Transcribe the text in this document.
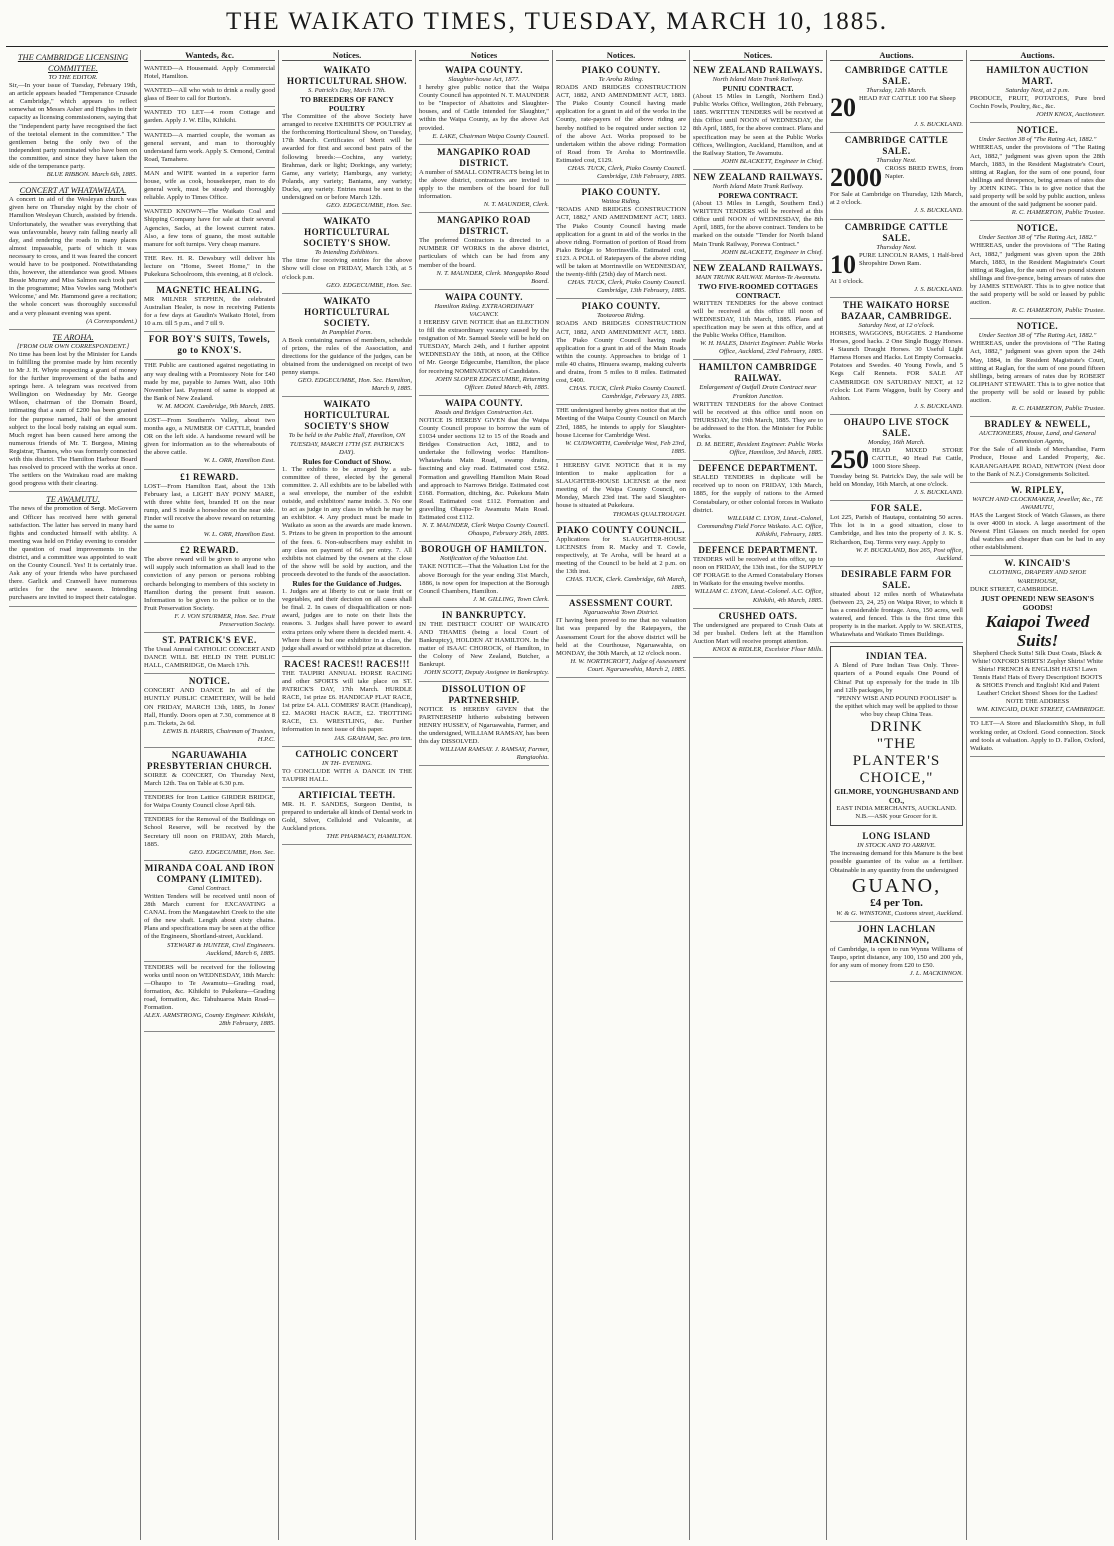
THE WAIKATO TIMES, TUESDAY, MARCH 10, 1885.
THE CAMBRIDGE LICENSING COMMITTEE.
TO THE EDITOR.
Sir,—In your issue of Tuesday, February 19th, an article appears headed "Temperance Crusade at Cambridge," which appears to reflect somewhat on Messrs Asher and Hughes in their capacity as licensing commissioners, saying that the "independent party have recognised the fact of the teetotal element in the committee." The gentlemen being the only two of the independent party nominated who have been on the committee, and since they have taken the side of the temperance party.
BLUE RIBBON. March 6th, 1885.
CONCERT AT WHATAWHATA.
A concert in aid of the Wesleyan church was given here on Thursday night by the choir of Hamilton Wesleyan Church, assisted by friends. Unfortunately, the weather was everything that was unfavourable, heavy rain falling nearly all day, and rendering the roads in many places almost impassable, parts of which it was necessary to cross, and it was feared the concert would have to be postponed. Notwithstanding this, however, the attendance was good. Misses Bessie Murray and Miss Salmon each took part in the programme; Miss Vowles sang 'Mother's Welcome,' and Mr. Hammond gave a recitation; the whole concert was thoroughly successful and a very pleasant evening was spent.
(A Correspondent.)
TE AROHA.
[FROM OUR OWN CORRESPONDENT.]
No time has been lost by the Minister for Lands in fulfilling the promise made by him recently to Mr J. H. Whyte respecting a grant of money for the further improvement of the baths and springs here. A telegram was received from Wellington on Wednesday by Mr. George Wilson, chairman of the Domain Board, intimating that a sum of £200 has been granted for the purpose named, half of the amount subject to the local body raising an equal sum. Much regret has been caused here among the numerous friends of Mr. T. Burgess, Mining Registrar, Thames, who was formerly connected with this district. The Hamilton Harbour Board has resolved to proceed with the works at once. The settlers on the Wairakau road are making good progress with their clearing.
TE AWAMUTU.
The news of the promotion of Sergt. McGovern and Officer has received here with general satisfaction. The latter has served in many hard fights and conducted himself with ability. A meeting was held on Friday evening to consider the question of road improvements in the district, and a committee was appointed to wait on the County Council. Yes! It is certainly true. Ask any of your friends who have purchased there. Garlick and Cranwell have numerous articles for the new season. Intending purchasers are invited to inspect their catalogue.
Wanteds, &c.
WANTED—A Housemaid. Apply Commercial Hotel, Hamilton.
WANTED—All who wish to drink a really good glass of Beer to call for Burton's.
WANTED TO LET—4 room Cottage and garden. Apply J. W. Ellis, Kihikihi.
WANTED—A married couple, the woman as general servant, and man to thoroughly understand farm work. Apply S. Ormond, Central Road, Tamahere.
MAN and WIFE wanted in a superior farm house, wife as cook, housekeeper, man to do general work, must be steady and thoroughly reliable. Apply to Times Office.
WANTED KNOWN—The Waikato Coal and Shipping Company have for sale at their several Agencies, Sacks, at the lowest current rates. Also, a few tons of guano, the most suitable manure for soft turnips. Very cheap manure.
THE Rev. H. R. Dewsbury will deliver his lecture on "Home, Sweet Home," in the Pukekura Schoolroom, this evening, at 8 o'clock.
MAGNETIC HEALING.
MR MILNER STEPHEN, the celebrated Australian Healer, is now in receiving Patients for a few days at Gaudin's Waikato Hotel, from 10 a.m. till 5 p.m., and 7 till 9.
FOR BOY'S SUITS, Towels, go to KNOX'S.
THE Public are cautioned against negotiating in any way dealing with a Promissory Note for £40 made by me, payable to James Watt, also 10th November last. Payment of same is stopped at the Bank of New Zealand.
W. M. MOON. Cambridge, 9th March, 1885.
LOST—From Southern's Valley, about two months ago, a NUMBER OF CATTLE, branded OR on the left side. A handsome reward will be given for information as to the whereabouts of the above cattle.
W. L. ORR, Hamilton East.
£1 REWARD.
LOST—From Hamilton East, about the 13th February last, a LIGHT BAY PONY MARE, with three white feet, branded H on the near rump, and S inside a horseshoe on the near side. Finder will receive the above reward on returning the same to
W. L. ORR, Hamilton East.
£2 REWARD.
The above reward will be given to anyone who will supply such information as shall lead to the conviction of any person or persons robbing orchards belonging to members of this society in Hamilton during the present fruit season. Information to be given to the police or to the Fruit Preservation Society.
F. J. VON STURMER, Hon. Sec. Fruit Preservation Society.
ST. PATRICK'S EVE.
The Usual Annual CATHOLIC CONCERT AND DANCE WILL BE HELD IN THE PUBLIC HALL, CAMBRIDGE, On March 17th.
NOTICE.
CONCERT AND DANCE In aid of the HUNTLY PUBLIC CEMETERY, Will be held ON FRIDAY, MARCH 13th, 1885, In Jones' Hall, Huntly. Doors open at 7.30, commence at 8 p.m. Tickets, 2s 6d.
LEWIS B. HARRIS, Chairman of Trustees, H.P.C.
NGARUAWAHIA PRESBYTERIAN CHURCH.
SOIREE & CONCERT, On Thursday Next, March 12th. Tea on Table at 6.30 p.m.
TENDERS for Iron Lattice GIRDER BRIDGE, for Waipa County Council close April 6th.
TENDERS for the Removal of the Buildings on School Reserve, will be received by the Secretary till noon on FRIDAY, 20th March, 1885.
GEO. EDGECUMBE, Hon. Sec.
MIRANDA COAL AND IRON COMPANY (LIMITED).
Canal Contract.
Written Tenders will be received until noon of 28th March current for EXCAVATING a CANAL from the Mangatawhiri Creek to the site of the new shaft. Length about sixty chains. Plans and specifications may be seen at the office of the Engineers, Shortland-street, Auckland.
STEWART & HUNTER, Civil Engineers. Auckland, March 6, 1885.
TENDERS will be received for the following works until noon on WEDNESDAY, 18th March:—Ohaupo to Te Awamutu—Grading road, formation, &c. Kihikihi to Pukekura—Grading road, formation, &c. Tahuhuaroa Main Road—Formation.
ALEX. ARMSTRONG, County Engineer. Kihikihi, 28th February, 1885.
Notices.
WAIKATO HORTICULTURAL SHOW.
S. Patrick's Day, March 17th.
TO BREEDERS OF FANCY POULTRY
The Committee of the above Society have arranged to receive EXHIBITS OF POULTRY at the forthcoming Horticultural Show, on Tuesday, 17th March. Certificates of Merit will be awarded for first and second best pairs of the following breeds:—Cochins, any variety; Brahmas, dark or light; Dorkings, any variety; Game, any variety; Hamburgs, any variety; Polands, any variety; Bantams, any variety; Ducks, any variety. Entries must be sent to the undersigned on or before March 12th.
GEO. EDGECUMBE, Hon. Sec.
WAIKATO HORTICULTURAL SOCIETY'S SHOW.
To Intending Exhibitors.
The time for receiving entries for the above Show will close on FRIDAY, March 13th, at 5 o'clock p.m.
GEO. EDGECUMBE, Hon. Sec.
WAIKATO HORTICULTURAL SOCIETY.
In Pamphlet Form.
A Book containing names of members, schedule of prizes, the rules of the Association, and directions for the guidance of the judges, can be obtained from the undersigned on receipt of two penny stamps.
GEO. EDGECUMBE, Hon. Sec. Hamilton, March 9, 1885.
WAIKATO HORTICULTURAL SOCIETY'S SHOW
To be held in the Public Hall, Hamilton, ON TUESDAY, MARCH 17TH (ST. PATRICK'S DAY).
Rules for Conduct of Show.
1. The exhibits to be arranged by a sub-committee of three, elected by the general committee. 2. All exhibits are to be labelled with a seal envelope, the number of the exhibit outside, and exhibitors' name inside. 3. No one to act as judge in any class in which he may be an exhibitor. 4. Any product must be made in Waikato as soon as the awards are made known. 5. Prizes to be given in proportion to the amount of the fees. 6. Non-subscribers may exhibit in any class on payment of 6d. per entry. 7. All exhibits not claimed by the owners at the close of the show will be sold by auction, and the proceeds devoted to the funds of the association.
Rules for the Guidance of Judges.
1. Judges are at liberty to cut or taste fruit or vegetables, and their decision on all cases shall be final. 2. In cases of disqualification or non-award, judges are to note on their lists the reasons. 3. Judges shall have power to award extra prizes only where there is decided merit. 4. Where there is but one exhibitor in a class, the judge shall award or withhold prize at discretion.
RACES! RACES!! RACES!!!
THE TAUPIRI ANNUAL HORSE RACING and other SPORTS will take place on ST. PATRICK'S DAY, 17th March. HURDLE RACE, 1st prize £6. HANDICAP FLAT RACE, 1st prize £4. ALL COMERS' RACE (Handicap), £2. MAORI HACK RACE, £2. TROTTING RACE, £3. WRESTLING, &c. Further information in next issue of this paper.
JAS. GRAHAM, Sec. pro tem.
CATHOLIC CONCERT
IN TH- EVENING.
TO CONCLUDE WITH A DANCE IN THE TAUPIRI HALL.
ARTIFICIAL TEETH.
MR. H. F. SANDES, Surgeon Dentist, is prepared to undertake all kinds of Dental work in Gold, Silver, Celluloid and Vulcanite, at Auckland prices.
THE PHARMACY, HAMILTON.
Notices
WAIPA COUNTY.
Slaughter-house Act, 1877.
I hereby give public notice that the Waipa County Council has appointed N. T. MAUNDER to be "Inspector of Abattoirs and Slaughter-houses, and of Cattle intended for Slaughter," within the Waipa County, as by the above Act provided.
E. LAKE, Chairman Waipa County Council.
MANGAPIKO ROAD DISTRICT.
A number of SMALL CONTRACTS being let in the above district, contractors are invited to apply to the members of the board for full information.
N. T. MAUNDER, Clerk.
MANGAPIKO ROAD DISTRICT.
The preferred Contractors is directed to a NUMBER OF WORKS in the above district, particulars of which can be had from any member of the board.
N. T. MAUNDER, Clerk. Mangapiko Road Board.
WAIPA COUNTY.
Hamilton Riding. EXTRAORDINARY VACANCY.
I HEREBY GIVE NOTICE that an ELECTION to fill the extraordinary vacancy caused by the resignation of Mr. Samuel Steele will be held on TUESDAY, March 24th, and I further appoint WEDNESDAY the 18th, at noon, at the Office of Mr. George Edgecumbe, Hamilton, the place for receiving NOMINATIONS of Candidates.
JOHN SLOPER EDGECUMBE, Returning Officer. Dated March 4th, 1885.
WAIPA COUNTY.
Roads and Bridges Construction Act.
NOTICE IS HEREBY GIVEN that the Waipa County Council propose to borrow the sum of £1034 under sections 12 to 15 of the Roads and Bridges Construction Act, 1882, and to undertake the following works: Hamilton-Whatawhata Main Road, swamp drains, fascining and clay road. Estimated cost £562. Formation and gravelling Hamilton Main Road and approach to Narrows Bridge. Estimated cost £168. Formation, ditching, &c. Pukekura Main Road. Estimated cost £112. Formation and gravelling Ohaupo-Te Awamutu Main Road. Estimated cost £112.
N. T. MAUNDER, Clerk Waipa County Council. Ohaupo, February 26th, 1885.
BOROUGH OF HAMILTON.
Notification of the Valuation List.
TAKE NOTICE—That the Valuation List for the above Borough for the year ending 31st March, 1886, is now open for inspection at the Borough Council Chambers, Hamilton.
J. M. GILLING, Town Clerk.
IN BANKRUPTCY.
IN THE DISTRICT COURT OF WAIKATO AND THAMES (being a local Court of Bankruptcy), HOLDEN AT HAMILTON. In the matter of ISAAC CHOROCK, of Hamilton, in the Colony of New Zealand, Butcher, a Bankrupt.
JOHN SCOTT, Deputy Assignee in Bankruptcy.
DISSOLUTION OF PARTNERSHIP.
NOTICE IS HEREBY GIVEN that the PARTNERSHIP hitherto subsisting between HENRY HUSSEY, of Ngaruawahia, Farmer, and the undersigned, WILLIAM RAMSAY, has been this day DISSOLVED.
WILLIAM RAMSAY. J. RAMSAY, Farmer, Rangiaohia.
Notices.
PIAKO COUNTY.
Te Aroha Riding.
ROADS AND BRIDGES CONSTRUCTION ACT, 1882, AND AMENDMENT ACT, 1883. The Piako County Council having made application for a grant in aid of the works in the County, rate-payers of the above riding are hereby notified to be required under section 12 of the above Act. Works proposed to be undertaken within the above riding: Formation of Road from Te Aroha to Morrinsville. Estimated cost, £129.
CHAS. TUCK, Clerk, Piako County Council. Cambridge, 13th February, 1885.
PIAKO COUNTY.
Waitoa Riding.
"ROADS AND BRIDGES CONSTRUCTION ACT, 1882," AND AMENDMENT ACT, 1883. The Piako County Council having made application for a grant in aid of the works in the above riding. Formation of portion of Road from Piako Bridge to Morrinsville. Estimated cost, £123. A POLL of Ratepayers of the above riding will be taken at Morrinsville on WEDNESDAY, the twenty-fifth (25th) day of March next.
CHAS. TUCK, Clerk, Piako County Council. Cambridge, 13th February, 1885.
PIAKO COUNTY.
Taotaoroa Riding.
ROADS AND BRIDGES CONSTRUCTION ACT, 1882, AND AMENDMENT ACT, 1883. The Piako County Council having made application for a grant in aid of the Main Roads within the county. Approaches to bridge of 1 mile 40 chains, Hinuera swamp, making culverts and drains, from 5 miles to 8 miles. Estimated cost, £400.
CHAS. TUCK, Clerk Piako County Council. Cambridge, February 13, 1885.
THE undersigned hereby gives notice that at the Meeting of the Waipa County Council on March 23rd, 1885, he intends to apply for Slaughter-house License for Cambridge West.
W. CUDWORTH, Cambridge West, Feb 23rd, 1885.
I HEREBY GIVE NOTICE that it is my intention to make application for a SLAUGHTER-HOUSE LICENSE at the next meeting of the Waipa County Council, on Monday, March 23rd inst. The said Slaughter-house is situated at Pukekura.
THOMAS QUALTROUGH.
PIAKO COUNTY COUNCIL.
Applications for SLAUGHTER-HOUSE LICENSES from R. Macky and T. Cowle, respectively, at Te Aroha, will be heard at a meeting of the Council to be held at 2 p.m. on the 13th inst.
CHAS. TUCK, Clerk. Cambridge, 6th March, 1885.
ASSESSMENT COURT.
Ngaruawahia Town District.
IT having been proved to me that no valuation list was prepared by the Ratepayers, the Assessment Court for the above district will be held at the Courthouse, Ngaruawahia, on MONDAY, the 30th March, at 12 o'clock noon.
H. W. NORTHCROFT, Judge of Assessment Court. Ngaruawahia, March 2, 1885.
Notices.
NEW ZEALAND RAILWAYS.
North Island Main Trunk Railway.
PUNIU CONTRACT.
(About 15 Miles in Length, Northern End.) Public Works Office, Wellington, 26th February, 1885. WRITTEN TENDERS will be received at this Office until NOON of WEDNESDAY, the 8th April, 1885, for the above contract. Plans and specification may be seen at the Public Works Offices, Wellington, Auckland, Hamilton, and at the Railway Station, Te Awamutu.
JOHN BLACKETT, Engineer in Chief.
NEW ZEALAND RAILWAYS.
North Island Main Trunk Railway.
POREWA CONTRACT.
(About 13 Miles in Length, Southern End.) WRITTEN TENDERS will be received at this Office until NOON of WEDNESDAY, the 8th April, 1885, for the above contract. Tenders to be marked on the outside "Tender for North Island Main Trunk Railway, Porewa Contract."
JOHN BLACKETT, Engineer in Chief.
NEW ZEALAND RAILWAYS.
MAIN TRUNK RAILWAY. Marton-Te Awamutu.
TWO FIVE-ROOMED COTTAGES CONTRACT.
WRITTEN TENDERS for the above contract will be received at this office till noon of WEDNESDAY, 11th March, 1885. Plans and specification may be seen at this office, and at the Public Works Office, Hamilton.
W. H. HALES, District Engineer. Public Works Office, Auckland, 23rd February, 1885.
HAMILTON CAMBRIDGE RAILWAY.
Enlargement of Outfall Drain Contract near Frankton Junction.
WRITTEN TENDERS for the above Contract will be received at this office until noon on THURSDAY, the 19th March, 1885. They are to be addressed to the Hon. the Minister for Public Works.
D. M. BEERE, Resident Engineer. Public Works Office, Hamilton, 3rd March, 1885.
DEFENCE DEPARTMENT.
SEALED TENDERS in duplicate will be received up to noon on FRIDAY, 13th March, 1885, for the supply of rations to the Armed Constabulary, or other colonial forces in Waikato district.
WILLIAM C. LYON, Lieut.-Colonel, Commanding Field Force Waikato. A.C. Office, Kihikihi, February, 1885.
DEFENCE DEPARTMENT.
TENDERS will be received at this office, up to noon on FRIDAY, the 13th inst., for the SUPPLY OF FORAGE to the Armed Constabulary Horses in Waikato for the ensuing twelve months.
WILLIAM C. LYON, Lieut.-Colonel. A.C. Office, Kihikihi, 4th March, 1885.
CRUSHED OATS.
The undersigned are prepared to Crush Oats at 3d per bushel. Orders left at the Hamilton Auction Mart will receive prompt attention.
KNOX & RIDLER, Excelsior Flour Mills.
Auctions.
CAMBRIDGE CATTLE SALE.
Thursday, 12th March.
20 HEAD FAT CATTLE 100 Fat Sheep
J. S. BUCKLAND.
CAMBRIDGE CATTLE SALE.
Thursday Next.
2000 CROSS BRED EWES, from Napier.
For Sale at Cambridge on Thursday, 12th March, at 2 o'clock.
J. S. BUCKLAND.
CAMBRIDGE CATTLE SALE.
Thursday Next.
10 PURE LINCOLN RAMS, 1 Half-bred Shropshire Down Ram.
At 1 o'clock.
J. S. BUCKLAND.
THE WAIKATO HORSE BAZAAR, CAMBRIDGE.
Saturday Next, at 12 o'clock.
HORSES, WAGGONS, BUGGIES. 2 Handsome Horses, good hacks. 2 One Single Buggy Horses. 4 Staunch Draught Horses. 30 Useful Light Harness Horses and Hacks. Lot Empty Cornsacks. Potatoes and Swedes. 40 Young Fowls, and 5 Kegs Calf Rennets. FOR SALE AT CAMBRIDGE ON SATURDAY NEXT, at 12 o'clock: Lot Farm Waggon, built by Coory and Ashton.
J. S. BUCKLAND.
OHAUPO LIVE STOCK SALE.
Monday, 16th March.
250 HEAD MIXED STORE CATTLE, 40 Head Fat Cattle, 1000 Store Sheep.
Tuesday being St. Patrick's Day, the sale will be held on Monday, 16th March, at one o'clock.
J. S. BUCKLAND.
FOR SALE.
Lot 225, Parish of Hautapu, containing 50 acres. This lot is in a good situation, close to Cambridge, and lies into the property of J. K. S. Richardson, Esq. Terms very easy. Apply to
W. F. BUCKLAND, Box 265, Post office, Auckland.
DESIRABLE FARM FOR SALE.
situated about 12 miles north of Whatawhata (between 23, 24, 25) on Waipa River, to which it has a considerable frontage. Area, 150 acres, well watered, and fenced. This is the first time this property is in the market. Apply to W. SKEATES, Whatawhata and Waikato Times Buildings.
INDIAN TEA.
A Blend of Pure Indian Teas Only. Three-quarters of a Pound equals One Pound of China! Put up expressly for the trade in 1lb and 12lb packages, by
"PENNY WISE AND POUND FOOLISH" is the epithet which may well be applied to those who buy cheap China Teas.
DRINK
"THE PLANTER'S CHOICE,"
GILMORE, YOUNGHUSBAND AND CO.,
EAST INDIA MERCHANTS, AUCKLAND.
N.B.—ASK your Grocer for it.
LONG ISLAND
IN STOCK AND TO ARRIVE.
The increasing demand for this Manure is the best possible guarantee of its value as a fertiliser. Obtainable in any quantity from the undersigned
GUANO,
£4 per Ton.
W. & G. WINSTONE, Customs street, Auckland.
JOHN LACHLAN MACKINNON,
of Cambridge, is open to run Wynns Williams of Taupo, sprint distance, any 100, 150 and 200 yds, for any sum of money from £20 to £50.
J. L. MACKINNON.
Auctions.
HAMILTON AUCTION MART.
Saturday Next, at 2 p.m.
PRODUCE, FRUIT, POTATOES, Pure bred Cochin Fowls, Poultry, &c., &c.
JOHN KNOX, Auctioneer.
NOTICE.
Under Section 38 of "The Rating Act, 1882."
WHEREAS, under the provisions of "The Rating Act, 1882," judgment was given upon the 28th March, 1883, in the Resident Magistrate's Court, sitting at Raglan, for the sum of one pound, four shillings and threepence, being arrears of rates due by JOHN KING. This is to give notice that the said property will be sold by public auction, unless the amount of the said judgment be sooner paid.
R. C. HAMERTON, Public Trustee.
NOTICE.
Under Section 38 of "The Rating Act, 1882."
WHEREAS, under the provisions of "The Rating Act, 1882," judgment was given upon the 28th March, 1883, in the Resident Magistrate's Court sitting at Raglan, for the sum of two pound sixteen shillings and five-pence, being arrears of rates due by JAMES STEWART. This is to give notice that the said property will be sold or leased by public auction.
R. C. HAMERTON, Public Trustee.
NOTICE.
Under Section 38 of "The Rating Act, 1882."
WHEREAS, under the provisions of "The Rating Act, 1882," judgment was given upon the 24th May, 1884, in the Resident Magistrate's Court, sitting at Raglan, for the sum of one pound fifteen shillings, being arrears of rates due by ROBERT OLIPHANT STEWART. This is to give notice that the property will be sold or leased by public auction.
R. C. HAMERTON, Public Trustee.
BRADLEY & NEWELL,
AUCTIONEERS, House, Land, and General Commission Agents,
For the Sale of all kinds of Merchandise, Farm Produce, House and Landed Property, &c. KARANGAHAPE ROAD, NEWTON (Next door to the Bank of N.Z.) Consignments Solicited.
W. RIPLEY,
WATCH AND CLOCKMAKER, Jeweller, &c., TE AWAMUTU,
HAS the Largest Stock of Watch Glasses, as there is over 4000 in stock. A large assortment of the Newest Flint Glasses on much needed for open dial watches and cheaper than can be had in any other establishment.
W. KINCAID'S
CLOTHING, DRAPERY AND SHOE WAREHOUSE,
DUKE STREET, CAMBRIDGE.
JUST OPENED! NEW SEASON'S GOODS!
Kaiapoi Tweed Suits!
Shepherd Check Suits! Silk Dust Coats, Black & White! OXFORD SHIRTS! Zephyr Shirts! White Shirts! FRENCH & ENGLISH HATS! Lawn Tennis Hats! Hats of Every Description! BOOTS & SHOES French and English! Kid and Patent Leather! Cricket Shoes! Shoes for the Ladies!
NOTE THE ADDRESS
WM. KINCAID, DUKE STREET, CAMBRIDGE.
TO LET—A Store and Blacksmith's Shop, in full working order, at Oxford. Good connection. Stock and tools at valuation. Apply to D. Fallon, Oxford, Waikato.
